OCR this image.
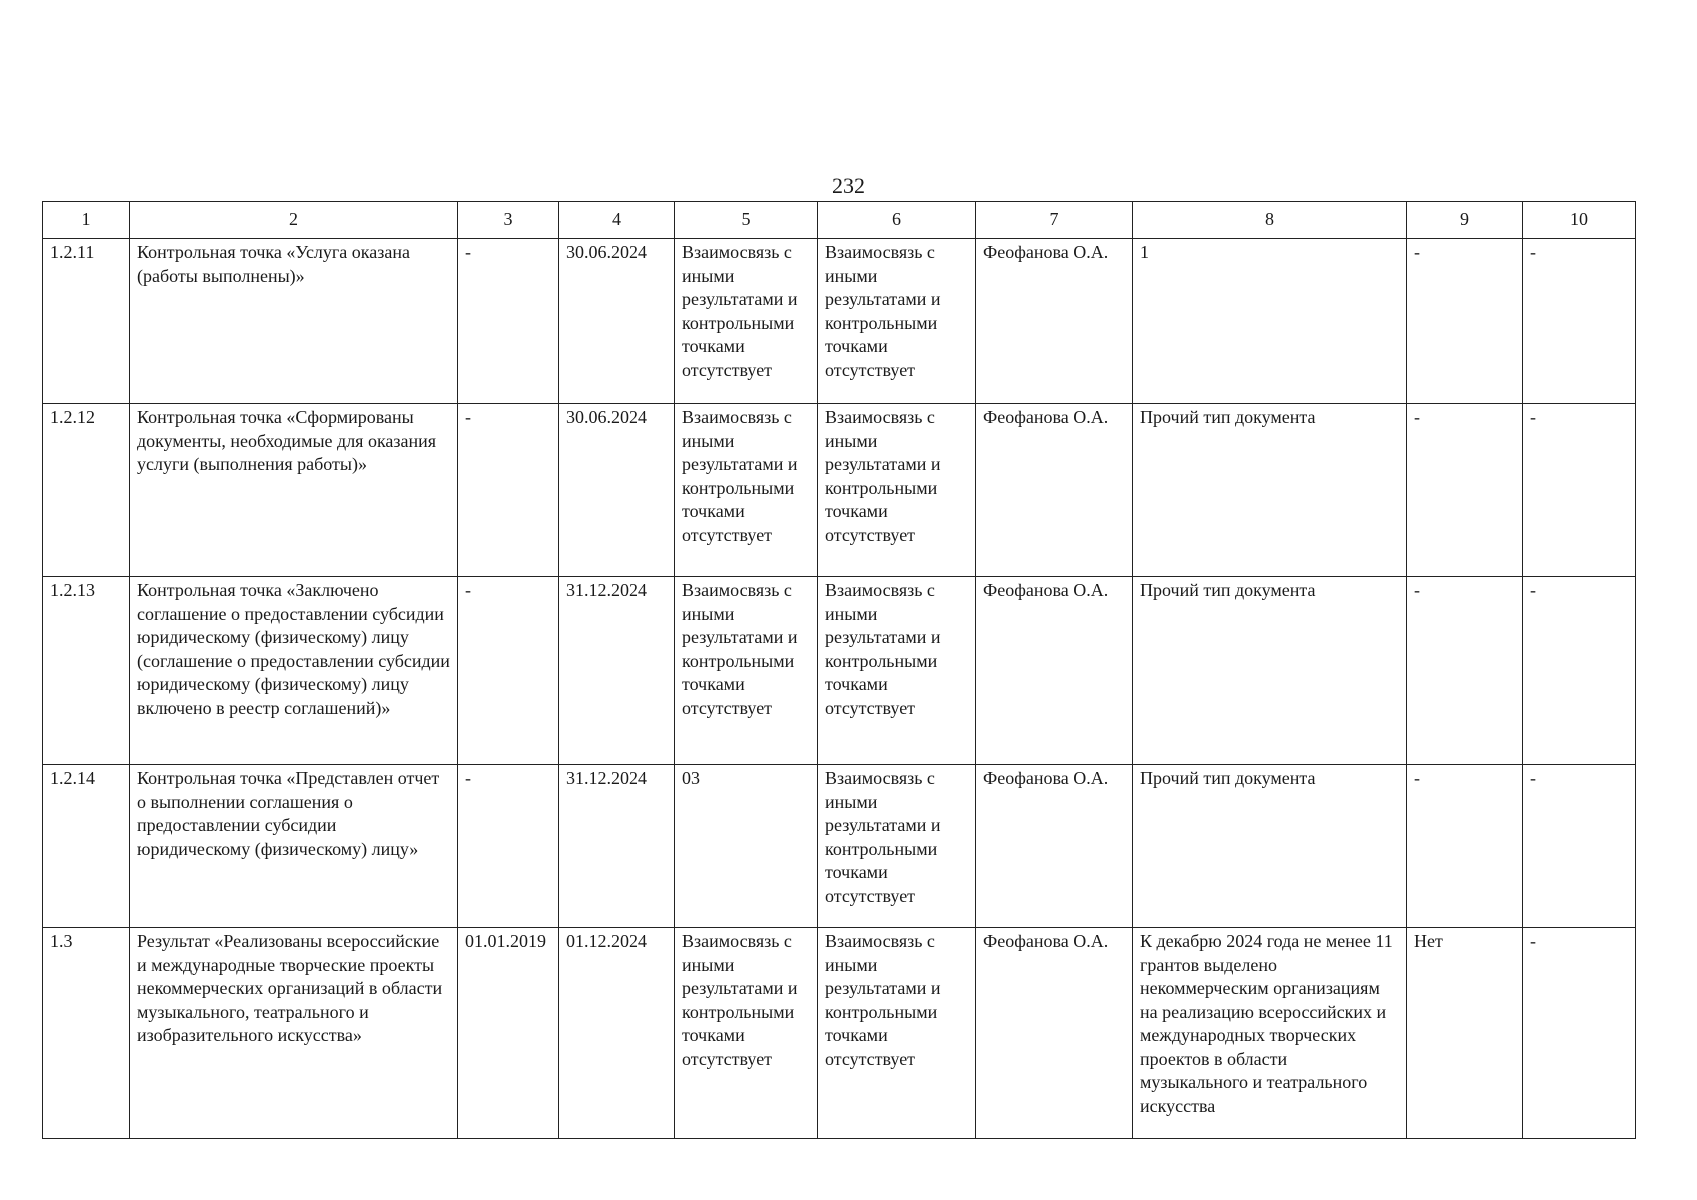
232
1	2	3	4	5	6	7	8	9	10
1.2.11	Контрольная точка «Услуга оказана (работы выполнены)»	-	30.06.2024	Взаимосвязь с иными результатами и контрольными точками отсутствует	Взаимосвязь с иными результатами и контрольными точками отсутствует	Феофанова О.А.	1	-	-
1.2.12	Контрольная точка «Сформированы документы, необходимые для оказания услуги (выполнения работы)»	-	30.06.2024	Взаимосвязь с иными результатами и контрольными точками отсутствует	Взаимосвязь с иными результатами и контрольными точками отсутствует	Феофанова О.А.	Прочий тип документа	-	-
1.2.13	Контрольная точка «Заключено соглашение о предоставлении субсидии юридическому (физическому) лицу (соглашение о предоставлении субсидии юридическому (физическому) лицу включено в реестр соглашений)»	-	31.12.2024	Взаимосвязь с иными результатами и контрольными точками отсутствует	Взаимосвязь с иными результатами и контрольными точками отсутствует	Феофанова О.А.	Прочий тип документа	-	-
1.2.14	Контрольная точка «Представлен отчет о выполнении соглашения о предоставлении субсидии юридическому (физическому) лицу»	-	31.12.2024	03	Взаимосвязь с иными результатами и контрольными точками отсутствует	Феофанова О.А.	Прочий тип документа	-	-
1.3	Результат «Реализованы всероссийские и международные творческие проекты некоммерческих организаций в области музыкального, театрального и изобразительного искусства»	01.01.2019	01.12.2024	Взаимосвязь с иными результатами и контрольными точками отсутствует	Взаимосвязь с иными результатами и контрольными точками отсутствует	Феофанова О.А.	К декабрю 2024 года не менее 11 грантов выделено некоммерческим организациям на реализацию всероссийских и международных творческих проектов в области музыкального и театрального искусства	Нет	-
